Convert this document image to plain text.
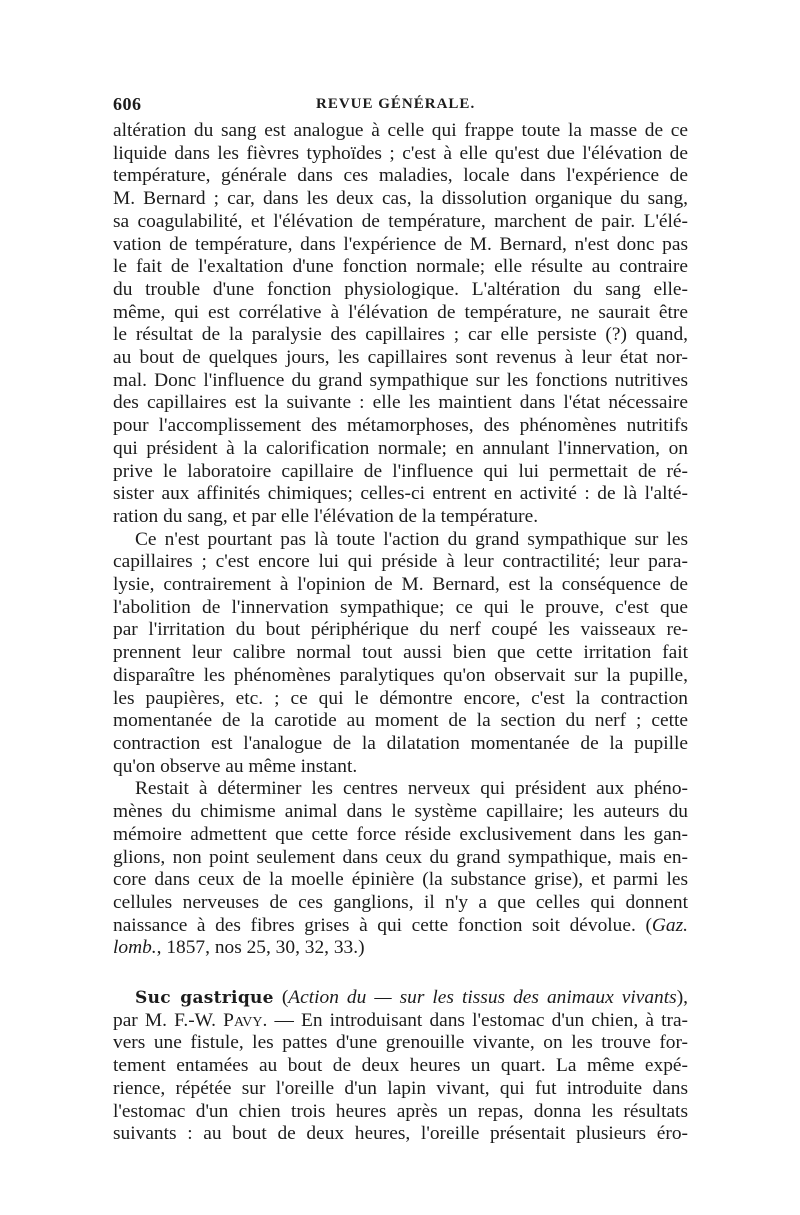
606	REVUE GÉNÉRALE.
altération du sang est analogue à celle qui frappe toute la masse de ce
liquide dans les fièvres typhoïdes ; c'est à elle qu'est due l'élévation de
température, générale dans ces maladies, locale dans l'expérience de
M. Bernard ; car, dans les deux cas, la dissolution organique du sang,
sa coagulabilité, et l'élévation de température, marchent de pair. L'élé-
vation de température, dans l'expérience de M. Bernard, n'est donc pas
le fait de l'exaltation d'une fonction normale; elle résulte au contraire
du trouble d'une fonction physiologique. L'altération du sang elle-
même, qui est corrélative à l'élévation de température, ne saurait être
le résultat de la paralysie des capillaires ; car elle persiste (?) quand,
au bout de quelques jours, les capillaires sont revenus à leur état nor-
mal. Donc l'influence du grand sympathique sur les fonctions nutritives
des capillaires est la suivante : elle les maintient dans l'état nécessaire
pour l'accomplissement des métamorphoses, des phénomènes nutritifs
qui président à la calorification normale; en annulant l'innervation, on
prive le laboratoire capillaire de l'influence qui lui permettait de ré-
sister aux affinités chimiques; celles-ci entrent en activité : de là l'alté-
ration du sang, et par elle l'élévation de la température.
Ce n'est pourtant pas là toute l'action du grand sympathique sur les
capillaires ; c'est encore lui qui préside à leur contractilité; leur para-
lysie, contrairement à l'opinion de M. Bernard, est la conséquence de
l'abolition de l'innervation sympathique; ce qui le prouve, c'est que
par l'irritation du bout périphérique du nerf coupé les vaisseaux re-
prennent leur calibre normal tout aussi bien que cette irritation fait
disparaître les phénomènes paralytiques qu'on observait sur la pupille,
les paupières, etc. ; ce qui le démontre encore, c'est la contraction
momentanée de la carotide au moment de la section du nerf ; cette
contraction est l'analogue de la dilatation momentanée de la pupille
qu'on observe au même instant.
Restait à déterminer les centres nerveux qui président aux phéno-
mènes du chimisme animal dans le système capillaire; les auteurs du
mémoire admettent que cette force réside exclusivement dans les gan-
glions, non point seulement dans ceux du grand sympathique, mais en-
core dans ceux de la moelle épinière (la substance grise), et parmi les
cellules nerveuses de ces ganglions, il n'y a que celles qui donnent
naissance à des fibres grises à qui cette fonction soit dévolue. (Gaz.
lomb., 1857, nos 25, 30, 32, 33.)
Suc gastrique (Action du — sur les tissus des animaux vivants),
par M. F.-W. Pavy. — En introduisant dans l'estomac d'un chien, à tra-
vers une fistule, les pattes d'une grenouille vivante, on les trouve for-
tement entamées au bout de deux heures un quart. La même expé-
rience, répétée sur l'oreille d'un lapin vivant, qui fut introduite dans
l'estomac d'un chien trois heures après un repas, donna les résultats
suivants : au bout de deux heures, l'oreille présentait plusieurs éro-
